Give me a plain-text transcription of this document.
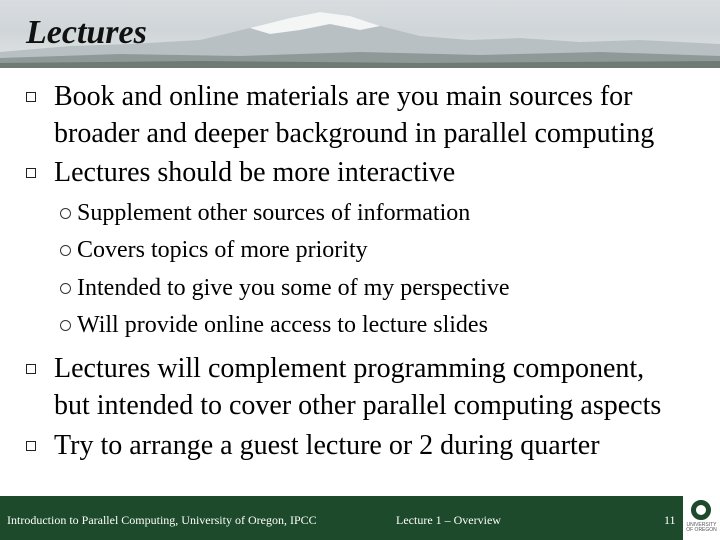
Lectures
Book and online materials are you main sources for
broader and deeper background in parallel computing
Lectures should be more interactive
Supplement other sources of information
Covers topics of more priority
Intended to give you some of my perspective
Will provide online access to lecture slides
Lectures will complement programming component,
but intended to cover other parallel computing aspects
Try to arrange a guest lecture or 2 during quarter
Introduction to Parallel Computing, University of Oregon, IPCC	Lecture 1 – Overview	11 UNIVERSITY OF OREGON
